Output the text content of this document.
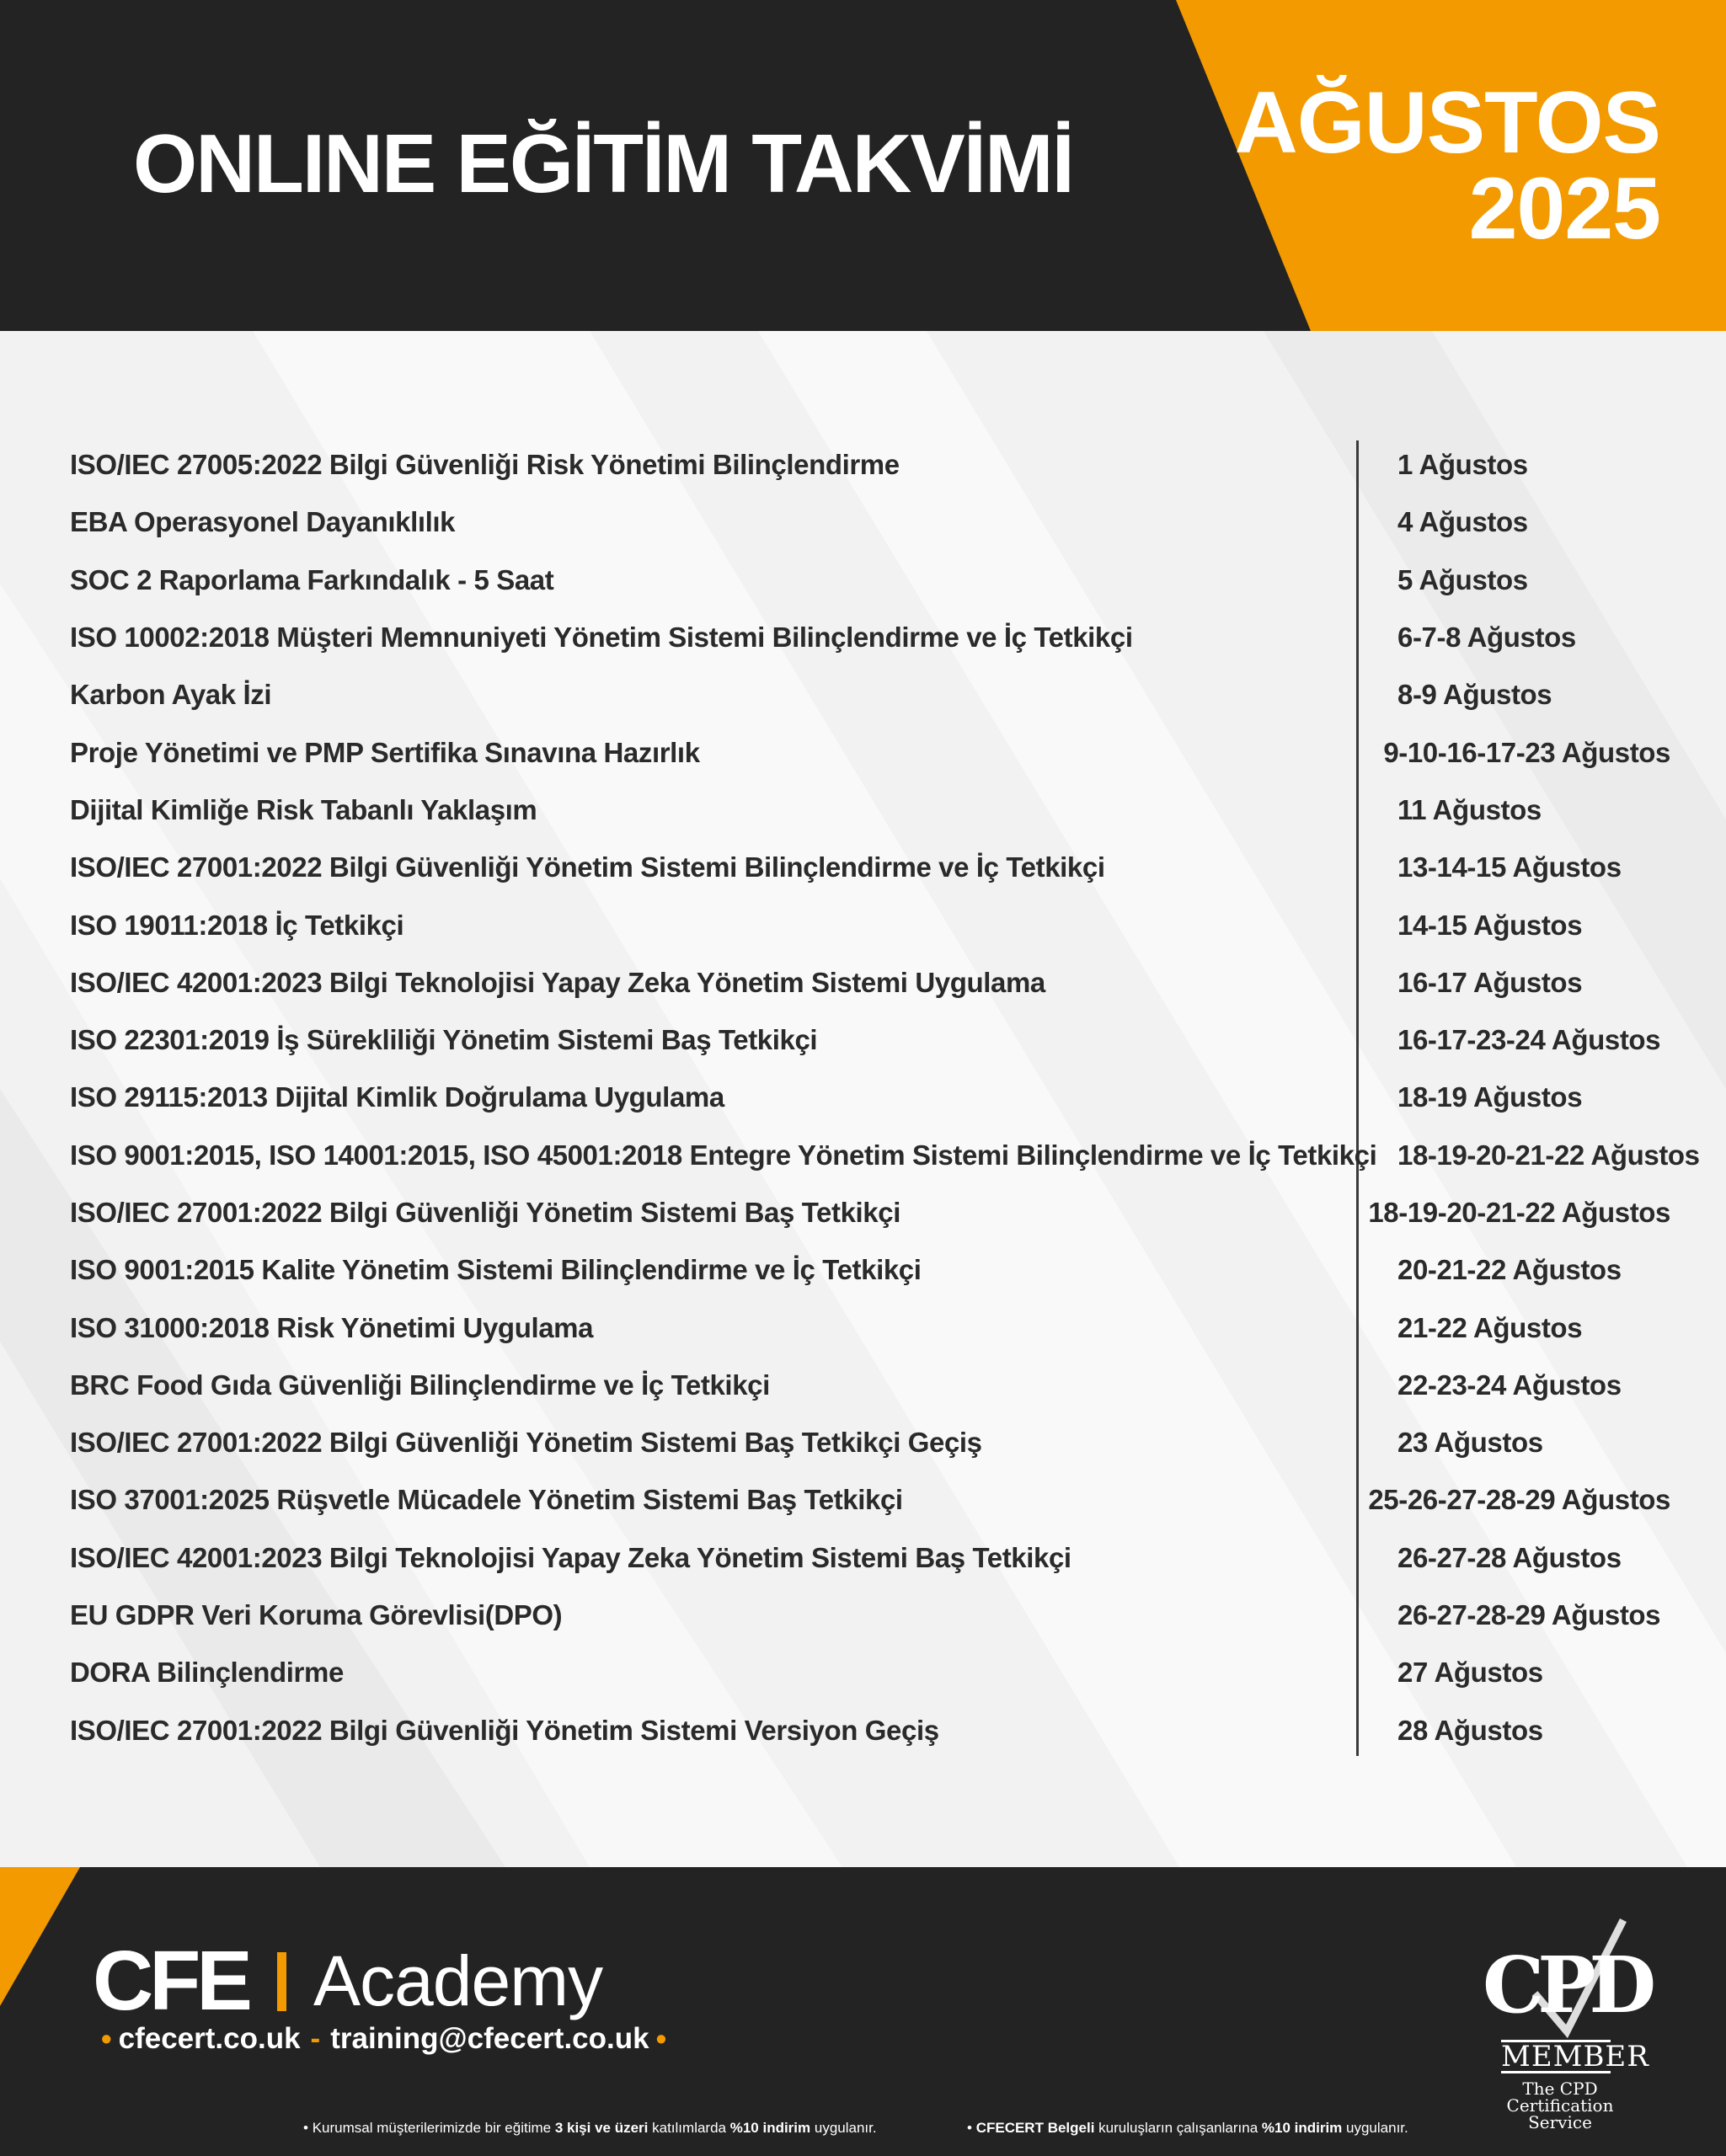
ONLINE EĞİTİM TAKVİMİ AĞUSTOS
2025
ISO/IEC 27005:2022 Bilgi Güvenliği Risk Yönetimi Bilinçlendirme	1 Ağustos
EBA Operasyonel Dayanıklılık	4 Ağustos
SOC 2 Raporlama Farkındalık - 5 Saat	5 Ağustos
ISO 10002:2018 Müşteri Memnuniyeti Yönetim Sistemi Bilinçlendirme ve İç Tetkikçi	6-7-8 Ağustos
Karbon Ayak İzi	8-9 Ağustos
Proje Yönetimi ve PMP Sertifika Sınavına Hazırlık	9-10-16-17-23 Ağustos
Dijital Kimliğe Risk Tabanlı Yaklaşım	11 Ağustos
ISO/IEC 27001:2022 Bilgi Güvenliği Yönetim Sistemi Bilinçlendirme ve İç Tetkikçi	13-14-15 Ağustos
ISO 19011:2018 İç Tetkikçi	14-15 Ağustos
ISO/IEC 42001:2023 Bilgi Teknolojisi Yapay Zeka Yönetim Sistemi Uygulama	16-17 Ağustos
ISO 22301:2019 İş Sürekliliği Yönetim Sistemi Baş Tetkikçi	16-17-23-24 Ağustos
ISO 29115:2013 Dijital Kimlik Doğrulama Uygulama	18-19 Ağustos
ISO 9001:2015, ISO 14001:2015, ISO 45001:2018 Entegre Yönetim Sistemi Bilinçlendirme ve İç Tetkikçi 18-19-20-21-22 Ağustos
ISO/IEC 27001:2022 Bilgi Güvenliği Yönetim Sistemi Baş Tetkikçi	18-19-20-21-22 Ağustos
ISO 9001:2015 Kalite Yönetim Sistemi Bilinçlendirme ve İç Tetkikçi	20-21-22 Ağustos
ISO 31000:2018 Risk Yönetimi Uygulama	21-22 Ağustos
BRC Food Gıda Güvenliği Bilinçlendirme ve İç Tetkikçi	22-23-24 Ağustos
ISO/IEC 27001:2022 Bilgi Güvenliği Yönetim Sistemi Baş Tetkikçi Geçiş	23 Ağustos
ISO 37001:2025 Rüşvetle Mücadele Yönetim Sistemi Baş Tetkikçi	25-26-27-28-29 Ağustos
ISO/IEC 42001:2023 Bilgi Teknolojisi Yapay Zeka Yönetim Sistemi Baş Tetkikçi	26-27-28 Ağustos
EU GDPR Veri Koruma Görevlisi(DPO)	26-27-28-29 Ağustos
DORA Bilinçlendirme	27 Ağustos
ISO/IEC 27001:2022 Bilgi Güvenliği Yönetim Sistemi Versiyon Geçiş	28 Ağustos
CFE Academy
• cfecert.co.uk - training@cfecert.co.uk •
CPD
MEMBER
The CPD Certification
Service
• Kurumsal müşterilerimizde bir eğitime 3 kişi ve üzeri katılımlarda %10 indirim uygulanır.	• CFECERT Belgeli kuruluşların çalışanlarına %10 indirim uygulanır.
